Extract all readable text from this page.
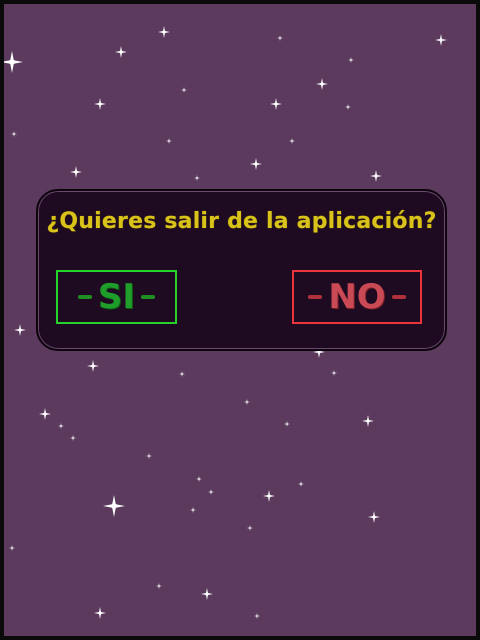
¿Quieres salir de la aplicación?
SI	NO
